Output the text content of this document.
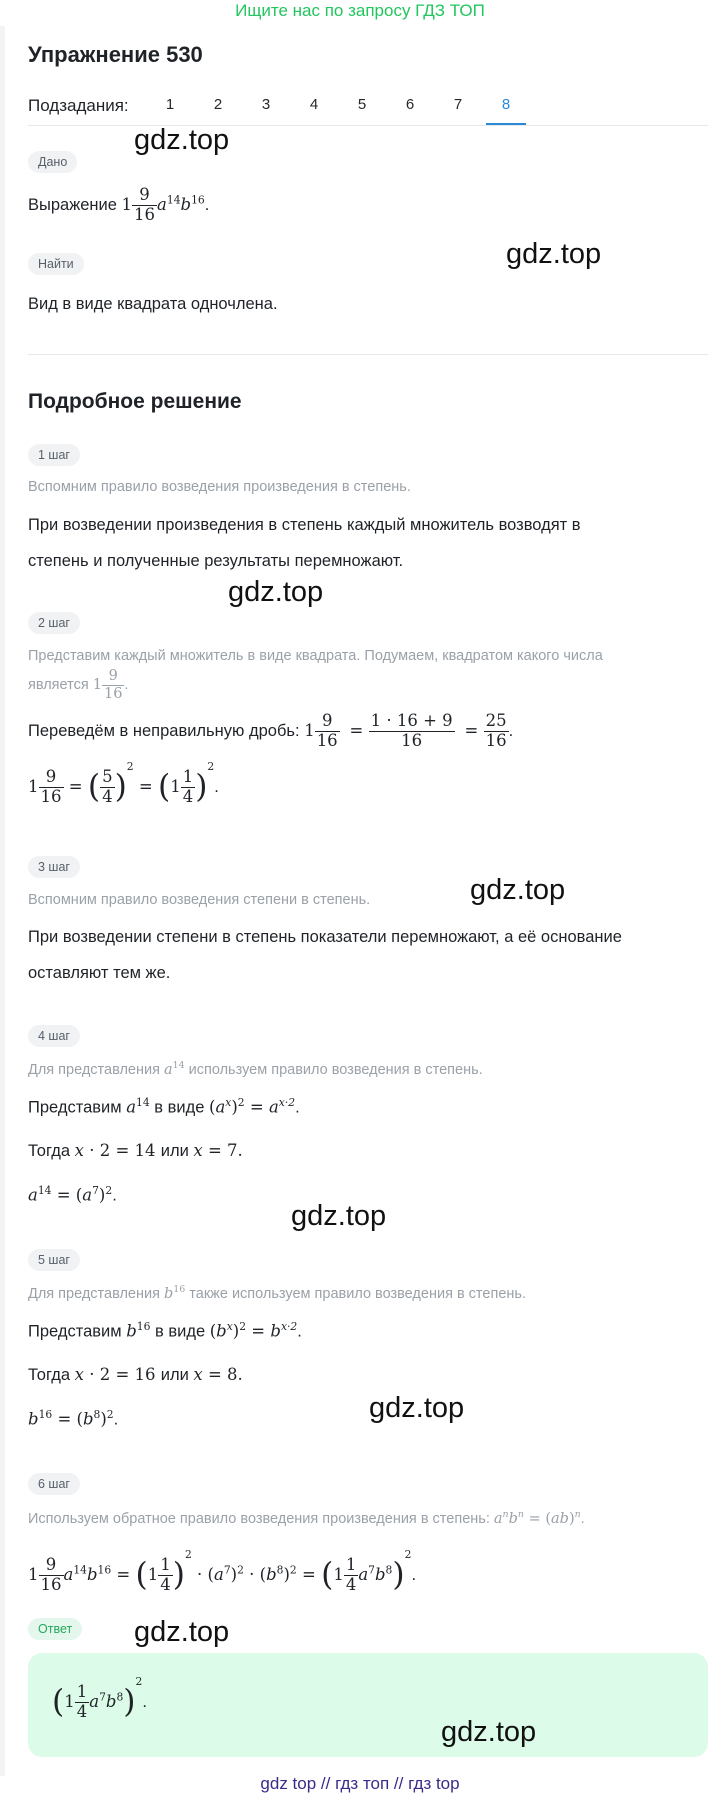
Ищите нас по запросу ГДЗ ТОП
Упражнение 530
Подзадания:	1	2	3	4	5	6	7	8
Дано
Выражение $1 \frac{9}{16} a^{14}b^{16}$.
Найти
Вид в виде квадрата одночлена.
Подробное решение
1 шаг
Вспомним правило возведения произведения в степень.
При возведении произведения в степень каждый множитель возводят в
степень и полученные результаты перемножают.
2 шаг
Представим каждый множитель в виде квадрата. Подумаем, квадратом какого числа
является $1 \frac{9}{16}$ .
Переведём в неправильную дробь: $1 \frac{9}{16} = \frac{1 \cdot 16 + 9}{16} = \frac{25}{16}$ .
$1 \frac{9}{16}$ = ( $\frac{5}{4} )^2 = (1 \frac{1}{4} )^2$.
3 шаг
Вспомним правило возведения степени в степень.
При возведении степени в степень показатели перемножают, а её основание
оставляют тем же.
4 шаг
Для представления $a^{14}$ используем правило возведения в степень.
Представим $a^{14}$ в виде $(a^x)^2 = a^{x\cdot 2}$.
Тогда x · 2 = 14 или x = 7.
$a^{14} = (a^7)^2$.
5 шаг
Для представления $b^{16}$ также используем правило возведения в степень.
Представим $b^{16}$ в виде $(b^x)^2 = b^{x\cdot 2}$.
Тогда x · 2 = 16 или x = 8.
$b^{16} = (b^8)^2$.
6 шаг
Используем обратное правило возведения произведения в степень: $a^nb^n = (ab)^n$.
$1 \frac{9}{16} a^{14}b^{16} = (1 \frac{1}{4} )^2 \cdot (a^7)^2 \cdot (b^8)^2 = (1 \frac{1}{4} a^7b^8)^2$.
Ответ
$(1 \frac{1}{4} a^7b^8)^2$.
gdz.top
gdz.top
gdz.top
gdz.top
gdz.top
gdz.top
gdz.top
gdz.top
gdz top // гдз топ // гдз top
